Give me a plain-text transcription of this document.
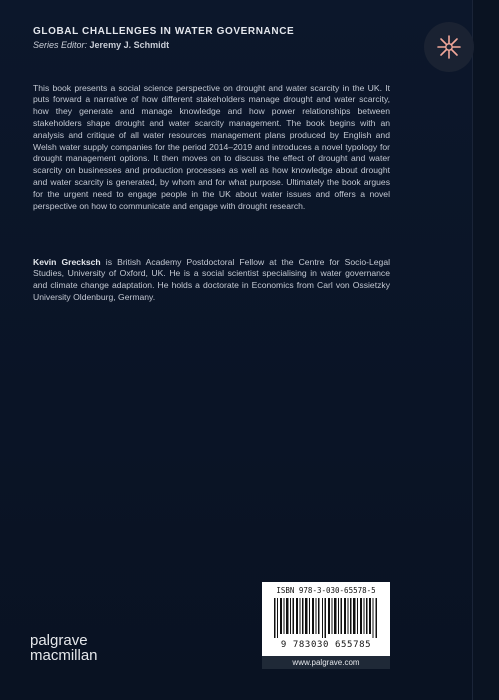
GLOBAL CHALLENGES IN WATER GOVERNANCE
Series Editor: Jeremy J. Schmidt

This book presents a social science perspective on drought and water scarcity in the UK. It puts forward a narrative of how different stakeholders manage drought and water scarcity, how they generate and manage knowledge and how power relationships between stakeholders shape drought and water scarcity management. The book begins with an analysis and critique of all water resources management plans produced by English and Welsh water supply companies for the period 2014–2019 and introduces a novel typology for drought management options. It then moves on to discuss the effect of drought and water scarcity on businesses and production processes as well as how knowledge about drought and water scarcity is generated, by whom and for what purpose. Ultimately the book argues for the urgent need to engage people in the UK about water issues and offers a novel perspective on how to communicate and engage with drought research.

Kevin Grecksch is British Academy Postdoctoral Fellow at the Centre for Socio-Legal Studies, University of Oxford, UK. He is a social scientist specialising in water governance and climate change adaptation. He holds a doctorate in Economics from Carl von Ossietzky University Oldenburg, Germany.

ISBN 978-3-030-65578-5
9 783030 655785
www.palgrave.com
palgrave
macmillan
